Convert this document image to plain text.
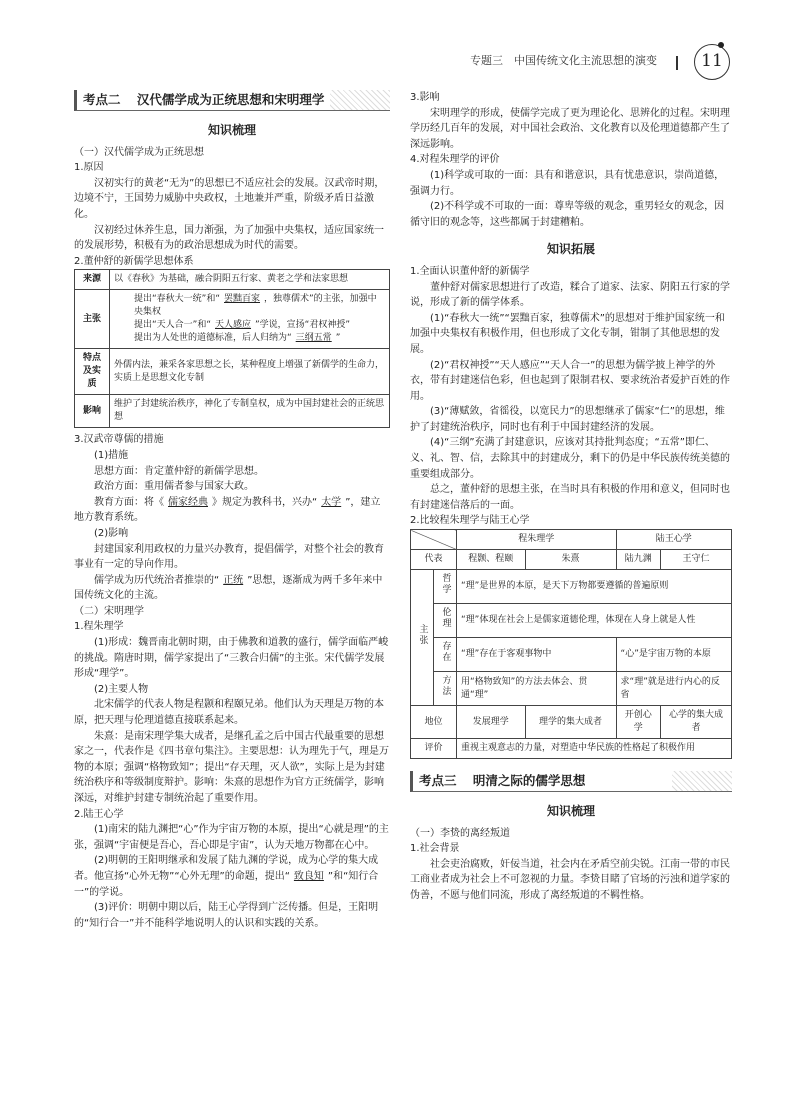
专题三　中国传统文化主流思想的演变	11
考点二 汉代儒学成为正统思想和宋明理学
知识梳理

（一）汉代儒学成为正统思想

1.原因

汉初实行的黄老“无为”的思想已不适应社会的发展。汉武帝时期，边境不宁，王国势力威胁中央政权，土地兼并严重，阶级矛盾日益激化。

汉初经过休养生息，国力渐强，为了加强中央集权，适应国家统一的发展形势，积极有为的政治思想成为时代的需要。

2.董仲舒的新儒学思想体系

来源	以《春秋》为基础，融合阴阳五行家、黄老之学和法家思想
主张	提出“春秋大一统”和“ 罢黜百家 ，独尊儒术”的主张，加强中央集权
提出“天人合一”和“ 天人感应 ”学说，宣扬“君权神授”
提出为人处世的道德标准，后人归纳为“ 三纲五常 ”

特点及实质	外儒内法，兼采各家思想之长，某种程度上增强了新儒学的生命力，实质上是思想文化专制
影响	维护了封建统治秩序，神化了专制皇权，成为中国封建社会的正统思想

3.汉武帝尊儒的措施

(1)措施

思想方面：肯定董仲舒的新儒学思想。

政治方面：重用儒者参与国家大政。

教育方面：将《 儒家经典 》规定为教科书，兴办“ 太学 ”，建立地方教育系统。

(2)影响

封建国家利用政权的力量兴办教育，提倡儒学，对整个社会的教育事业有一定的导向作用。

儒学成为历代统治者推崇的“ 正统 ”思想，逐渐成为两千多年来中国传统文化的主流。

（二）宋明理学

1.程朱理学

(1)形成：魏晋南北朝时期，由于佛教和道教的盛行，儒学面临严峻的挑战。隋唐时期，儒学家提出了“三教合归儒”的主张。宋代儒学发展形成“理学”。

(2)主要人物

北宋儒学的代表人物是程颢和程颐兄弟。他们认为天理是万物的本原，把天理与伦理道德直接联系起来。

朱熹：是南宋理学集大成者，是继孔孟之后中国古代最重要的思想家之一，代表作是《四书章句集注》。主要思想：认为理先于气，理是万物的本原；强调“格物致知”；提出“存天理，灭人欲”，实际上是为封建统治秩序和等级制度辩护。影响：朱熹的思想作为官方正统儒学，影响深远，对维护封建专制统治起了重要作用。

2.陆王心学

(1)南宋的陆九渊把“心”作为宇宙万物的本原，提出“心就是理”的主张，强调“宇宙便是吾心，吾心即是宇宙”，认为天地万物都在心中。

(2)明朝的王阳明继承和发展了陆九渊的学说，成为心学的集大成者。他宣扬“心外无物”“心外无理”的命题，提出“ 致良知 ”和“知行合一”的学说。

(3)评价：明朝中期以后，陆王心学得到广泛传播。但是，王阳明的“知行合一”并不能科学地说明人的认识和实践的关系。

3.影响

宋明理学的形成，使儒学完成了更为理论化、思辨化的过程。宋明理学历经几百年的发展，对中国社会政治、文化教育以及伦理道德都产生了深远影响。

4.对程朱理学的评价

(1)科学或可取的一面：具有和谐意识，具有忧患意识，崇尚道德，强调力行。

(2)不科学或不可取的一面：尊卑等级的观念，重男轻女的观念，因循守旧的观念等，这些都属于封建糟粕。

知识拓展

1.全面认识董仲舒的新儒学

董仲舒对儒家思想进行了改造，糅合了道家、法家、阴阳五行家的学说，形成了新的儒学体系。

(1)“春秋大一统”“罢黜百家，独尊儒术”的思想对于维护国家统一和加强中央集权有积极作用，但也形成了文化专制，钳制了其他思想的发展。

(2)“君权神授”“天人感应”“天人合一”的思想为儒学披上神学的外衣，带有封建迷信色彩，但也起到了限制君权、要求统治者爱护百姓的作用。

(3)“薄赋敛，省徭役，以宽民力”的思想继承了儒家“仁”的思想，维护了封建统治秩序，同时也有利于中国封建经济的发展。

(4)“三纲”充满了封建意识，应该对其持批判态度；“五常”即仁、义、礼、智、信，去除其中的封建成分，剩下的仍是中华民族传统美德的重要组成部分。

总之，董仲舒的思想主张，在当时具有积极的作用和意义，但同时也有封建迷信落后的一面。

2.比较程朱理学与陆王心学

		程朱理学		陆王心学	
代表		程颢、程颐	朱熹	陆九渊	王守仁
主张	哲学	“理”是世界的本原，是天下万物都要遵循的普遍原则			
	伦理	“理”体现在社会上是儒家道德伦理，体现在人身上就是人性			
	存在	“理”存在于客观事物中		“心”是宇宙万物的本原	
	方法	用“格物致知”的方法去体会、贯通“理”		求“理”就是进行内心的反省	
地位		发展理学	理学的集大成者	开创心学	心学的集大成者
评价		重视主观意志的力量，对塑造中华民族的性格起了积极作用			
考点三 明清之际的儒学思想
知识梳理

（一）李贽的离经叛道

1.社会背景

社会吏治腐败，奸佞当道，社会内在矛盾空前尖锐。江南一带的市民工商业者成为社会上不可忽视的力量。李贽目睹了官场的污浊和道学家的伪善，不愿与他们同流，形成了离经叛道的不羁性格。
